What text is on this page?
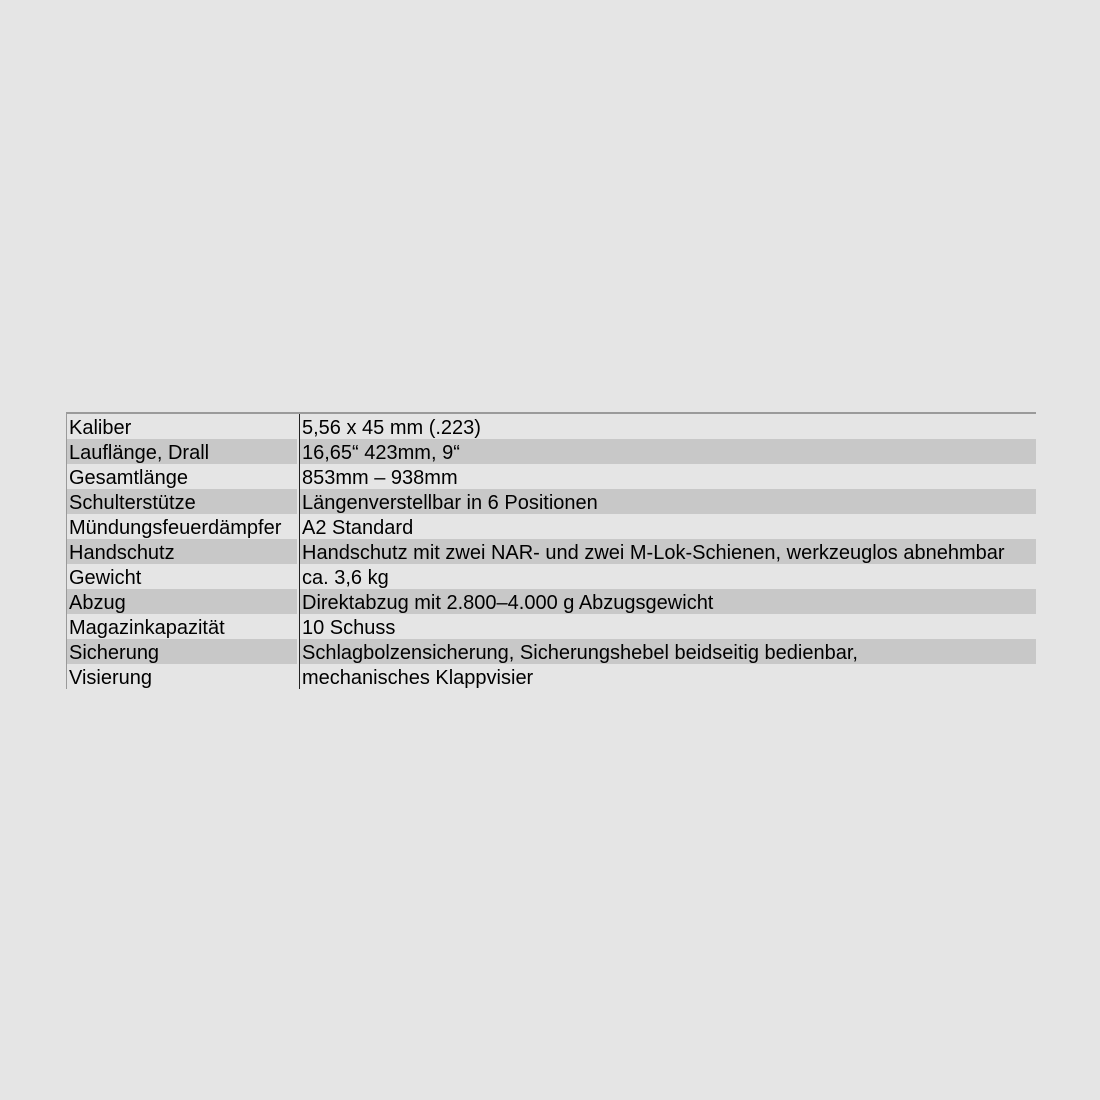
Kaliber	5,56 x 45 mm (.223)
Lauflänge, Drall	16,65“ 423mm, 9“
Gesamtlänge	853mm – 938mm
Schulterstütze	Längenverstellbar in 6 Positionen
Mündungsfeuerdämpfer	A2 Standard
Handschutz	Handschutz mit zwei NAR- und zwei M-Lok-Schienen, werkzeuglos abnehmbar
Gewicht	ca. 3,6 kg
Abzug	Direktabzug mit 2.800–4.000 g Abzugsgewicht
Magazinkapazität	10 Schuss
Sicherung	Schlagbolzensicherung, Sicherungshebel beidseitig bedienbar,
Visierung	mechanisches Klappvisier
